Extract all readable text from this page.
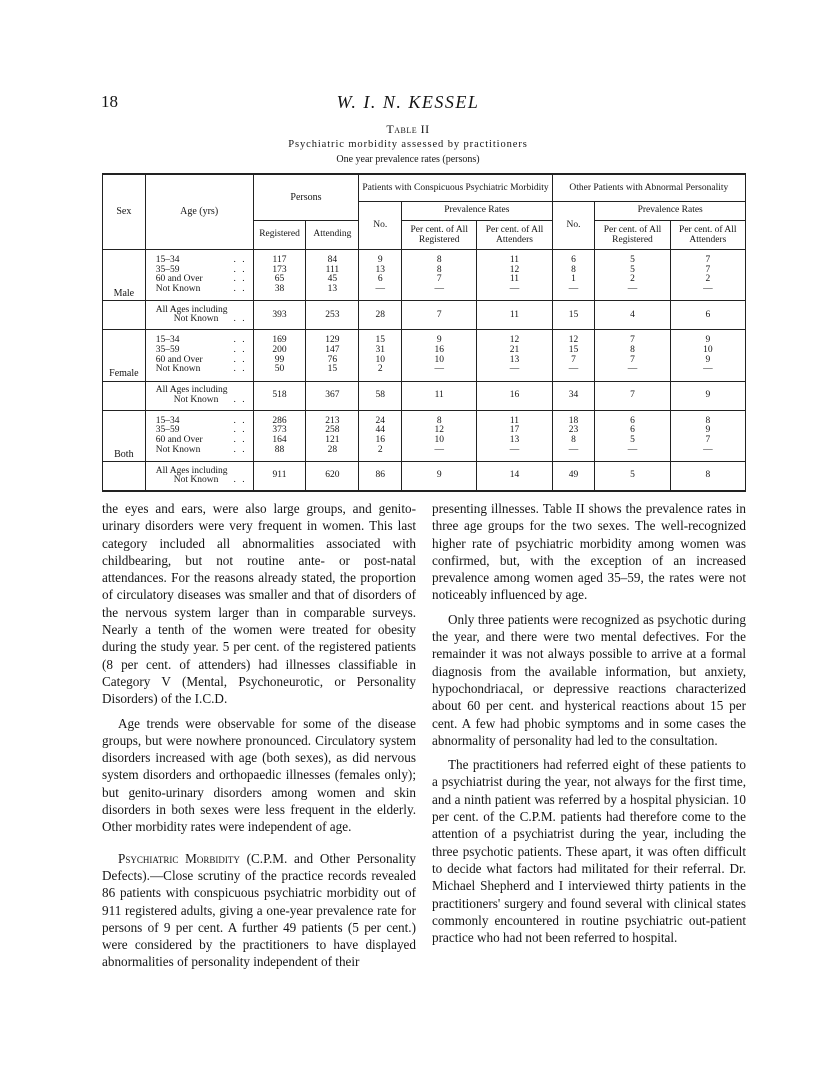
18	W. I. N. KESSEL
Table II
Psychiatric morbidity assessed by practitioners
One year prevalence rates (persons)
Sex	Age (yrs)	Persons		Patients with Conspicuous Psychiatric Morbidity			Other Patients with Abnormal Personality		
				No.	Prevalence Rates		No.	Prevalence Rates	
		Registered	Attending		Per cent. of All Registered	Per cent. of All Attenders		Per cent. of All Registered	Per cent. of All Attenders
Male	. .
15–34	117	84	9	8	11	6	5	7

	. .
35–59	173	111	13	8	12	8	5	7

	. .
60 and Over	65	45	6	7	11	1	2	2

	. .
Not Known	38	13	—	—	—	—	—	—

	All Ages including
. .
Not Known	393	253	28	7	11	15	4	6
Female	. .
15–34	169	129	15	9	12	12	7	9

	. .
35–59	200	147	31	16	21	15	8	10

	. .
60 and Over	99	76	10	10	13	7	7	9

	. .
Not Known	50	15	2	—	—	—	—	—

	All Ages including
. .
Not Known	518	367	58	11	16	34	7	9
Both	. .
15–34	286	213	24	8	11	18	6	8

	. .
35–59	373	258	44	12	17	23	6	9

	. .
60 and Over	164	121	16	10	13	8	5	7

	. .
Not Known	88	28	2	—	—	—	—	—

	All Ages including
. .
Not Known	911	620	86	9	14	49	5	8

the eyes and ears, were also large groups, and genito-urinary disorders were very frequent in women. This last category included all abnormalities associated with childbearing, but not routine ante- or post-natal attendances. For the reasons already stated, the proportion of circulatory diseases was smaller and that of disorders of the nervous system larger than in comparable surveys. Nearly a tenth of the women were treated for obesity during the study year. 5 per cent. of the registered patients (8 per cent. of attenders) had illnesses classifiable in Category V (Mental, Psychoneurotic, or Personality Disorders) of the I.C.D.

Age trends were observable for some of the disease groups, but were nowhere pronounced. Circulatory system disorders increased with age (both sexes), as did nervous system disorders and orthopaedic illnesses (females only); but genito-urinary disorders among women and skin disorders in both sexes were less frequent in the elderly. Other morbidity rates were independent of age.

Psychiatric Morbidity (C.P.M. and Other Personality Defects).—Close scrutiny of the practice records revealed 86 patients with conspicuous psychiatric morbidity out of 911 registered adults, giving a one-year prevalence rate for persons of 9 per cent. A further 49 patients (5 per cent.) were considered by the practitioners to have displayed abnormalities of personality independent of their

presenting illnesses. Table II shows the prevalence rates in three age groups for the two sexes. The well-recognized higher rate of psychiatric morbidity among women was confirmed, but, with the exception of an increased prevalence among women aged 35–59, the rates were not noticeably influenced by age.

Only three patients were recognized as psychotic during the year, and there were two mental defectives. For the remainder it was not always possible to arrive at a formal diagnosis from the available information, but anxiety, hypochondriacal, or depressive reactions characterized about 60 per cent. and hysterical reactions about 15 per cent. A few had phobic symptoms and in some cases the abnormality of personality had led to the consultation.

The practitioners had referred eight of these patients to a psychiatrist during the year, not always for the first time, and a ninth patient was referred by a hospital physician. 10 per cent. of the C.P.M. patients had therefore come to the attention of a psychiatrist during the year, including the three psychotic patients. These apart, it was often difficult to decide what factors had militated for their referral. Dr. Michael Shepherd and I interviewed thirty patients in the practitioners' surgery and found several with clinical states commonly encountered in routine psychiatric out-patient practice who had not been referred to hospital.
